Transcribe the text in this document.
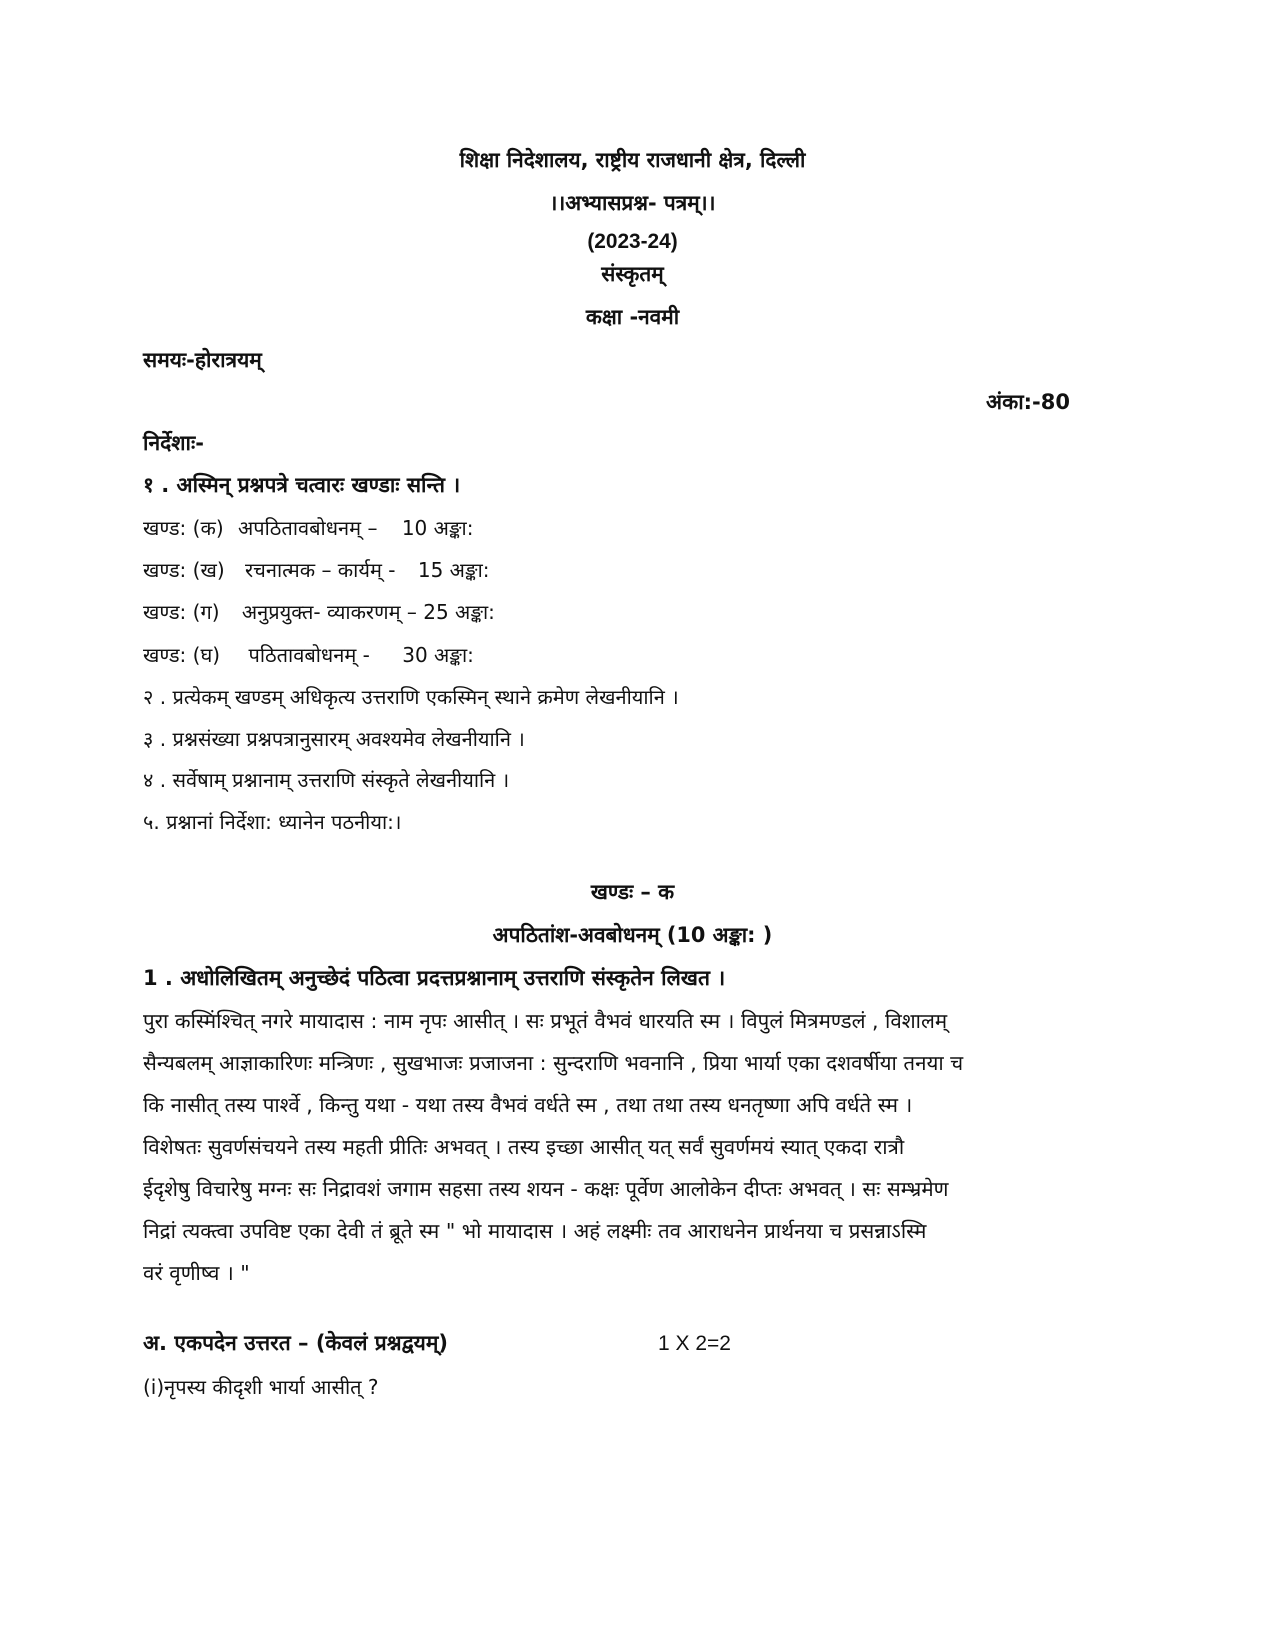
शिक्षा निदेशालय, राष्ट्रीय राजधानी क्षेत्र, दिल्ली
।।अभ्यासप्रश्न- पत्रम्।।
(2023-24)
संस्कृतम्
कक्षा -नवमी
समयः-होरात्रयम्
अंका:-80
निर्देशाः-
१ . अस्मिन् प्रश्नपत्रे चत्वारः खण्डाः सन्ति ।
खण्ड: (क) अपठितावबोधनम् – 10 अङ्का:
खण्ड: (ख) रचनात्मक – कार्यम् - 15 अङ्का:
खण्ड: (ग) अनुप्रयुक्त- व्याकरणम् – 25 अङ्का:
खण्ड: (घ) पठितावबोधनम् - 30 अङ्का:
२ . प्रत्येकम् खण्डम् अधिकृत्य उत्तराणि एकस्मिन् स्थाने क्रमेण लेखनीयानि ।
३ . प्रश्नसंख्या प्रश्नपत्रानुसारम् अवश्यमेव लेखनीयानि ।
४ . सर्वेषाम् प्रश्नानाम् उत्तराणि संस्कृते लेखनीयानि ।
५. प्रश्नानां निर्देशा: ध्यानेन पठनीया:।
खण्डः – क
अपठितांश-अवबोधनम् (10 अङ्का: )
1 . अधोलिखितम् अनुच्छेदं पठित्वा प्रदत्तप्रश्नानाम् उत्तराणि संस्कृतेन लिखत ।
पुरा कस्मिंश्चित् नगरे मायादास : नाम नृपः आसीत् । सः प्रभूतं वैभवं धारयति स्म । विपुलं मित्रमण्डलं , विशालम्
सैन्यबलम् आज्ञाकारिणः मन्त्रिणः , सुखभाजः प्रजाजना : सुन्दराणि भवनानि , प्रिया भार्या एका दशवर्षीया तनया च
कि नासीत् तस्य पार्श्वे , किन्तु यथा - यथा तस्य वैभवं वर्धते स्म , तथा तथा तस्य धनतृष्णा अपि वर्धते स्म ।
विशेषतः सुवर्णसंचयने तस्य महती प्रीतिः अभवत् । तस्य इच्छा आसीत् यत् सर्वं सुवर्णमयं स्यात् एकदा रात्रौ
ईदृशेषु विचारेषु मग्नः सः निद्रावशं जगाम सहसा तस्य शयन - कक्षः पूर्वेण आलोकेन दीप्तः अभवत् । सः सम्भ्रमेण
निद्रां त्यक्त्वा उपविष्ट एका देवी तं ब्रूते स्म " भो मायादास । अहं लक्ष्मीः तव आराधनेन प्रार्थनया च प्रसन्नाऽस्मि
वरं वृणीष्व । "
अ. एकपदेन उत्तरत – (केवलं प्रश्नद्वयम्)	1 X 2=2
(i)नृपस्य कीदृशी भार्या आसीत् ?
